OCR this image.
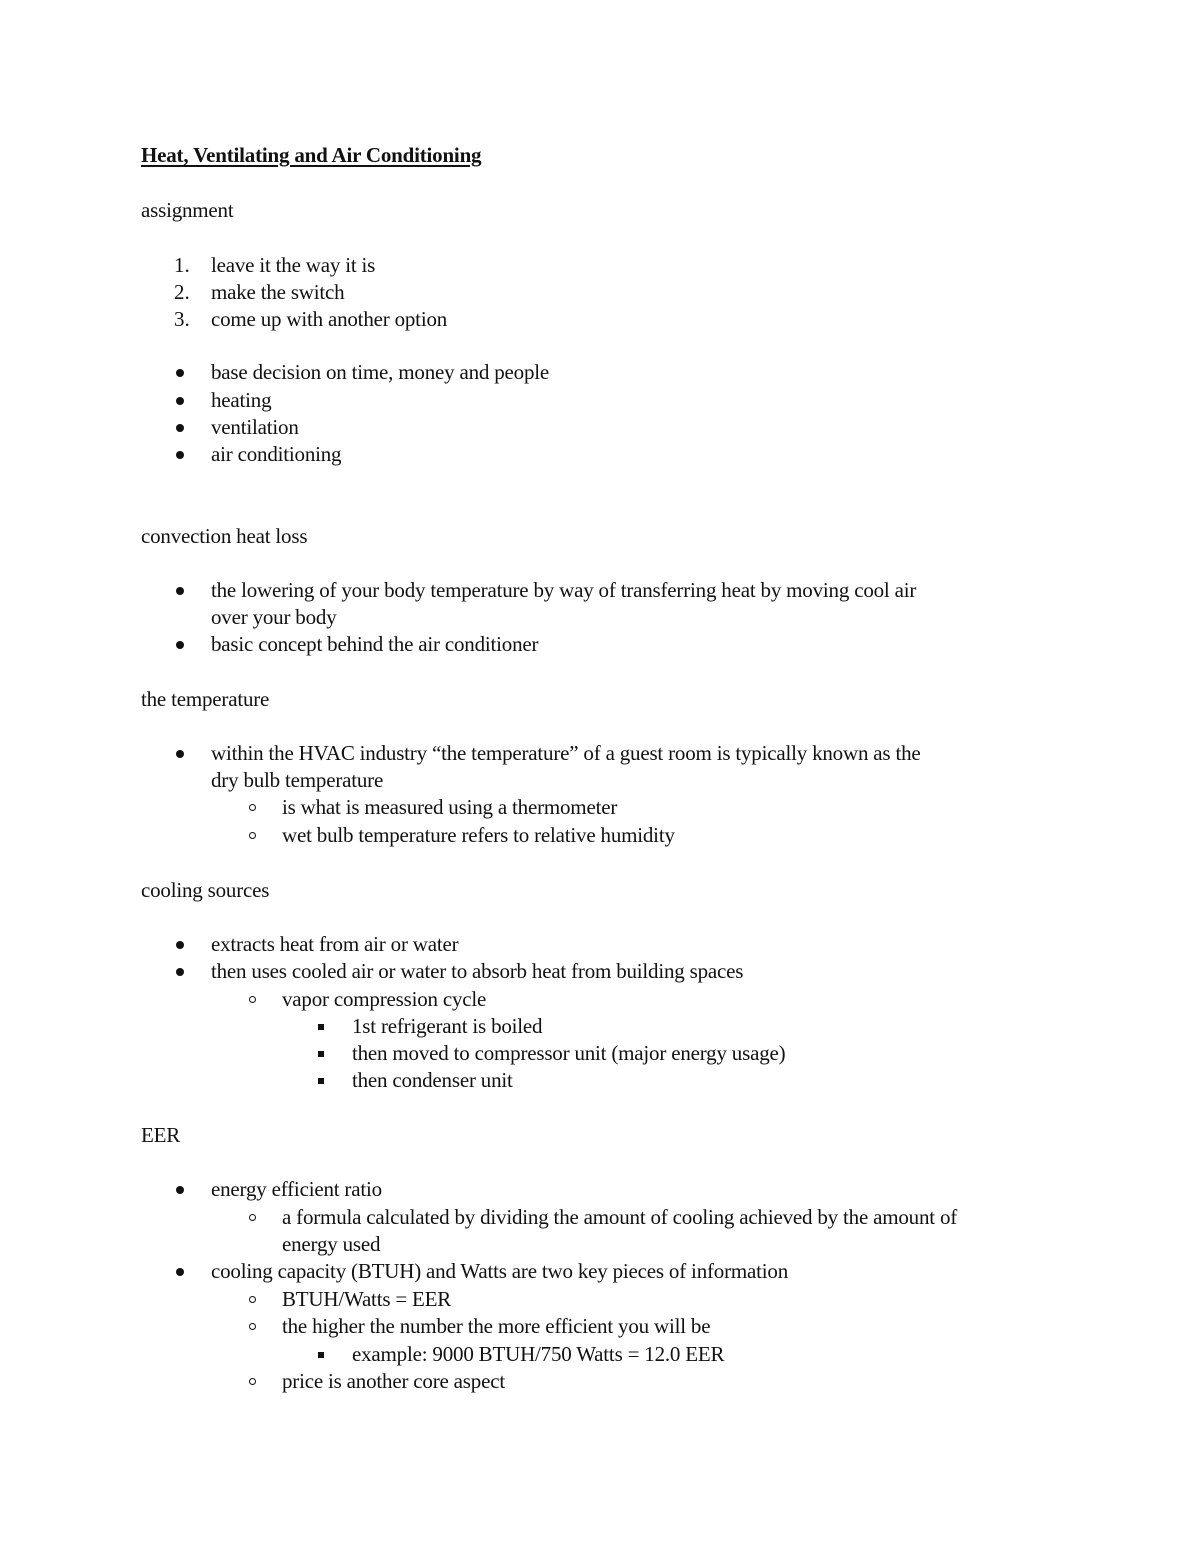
Heat, Ventilating and Air Conditioning
assignment
1. leave it the way it is
2. make the switch
3. come up with another option
base decision on time, money and people
heating
ventilation
air conditioning
convection heat loss
the lowering of your body temperature by way of transferring heat by moving cool air
over your body
basic concept behind the air conditioner
the temperature
within the HVAC industry “the temperature” of a guest room is typically known as the
dry bulb temperature
is what is measured using a thermometer
wet bulb temperature refers to relative humidity
cooling sources
extracts heat from air or water
then uses cooled air or water to absorb heat from building spaces
vapor compression cycle
1st refrigerant is boiled
then moved to compressor unit (major energy usage)
then condenser unit
EER
energy efficient ratio
a formula calculated by dividing the amount of cooling achieved by the amount of
energy used
cooling capacity (BTUH) and Watts are two key pieces of information
BTUH/Watts = EER
the higher the number the more efficient you will be
example: 9000 BTUH/750 Watts = 12.0 EER
price is another core aspect
